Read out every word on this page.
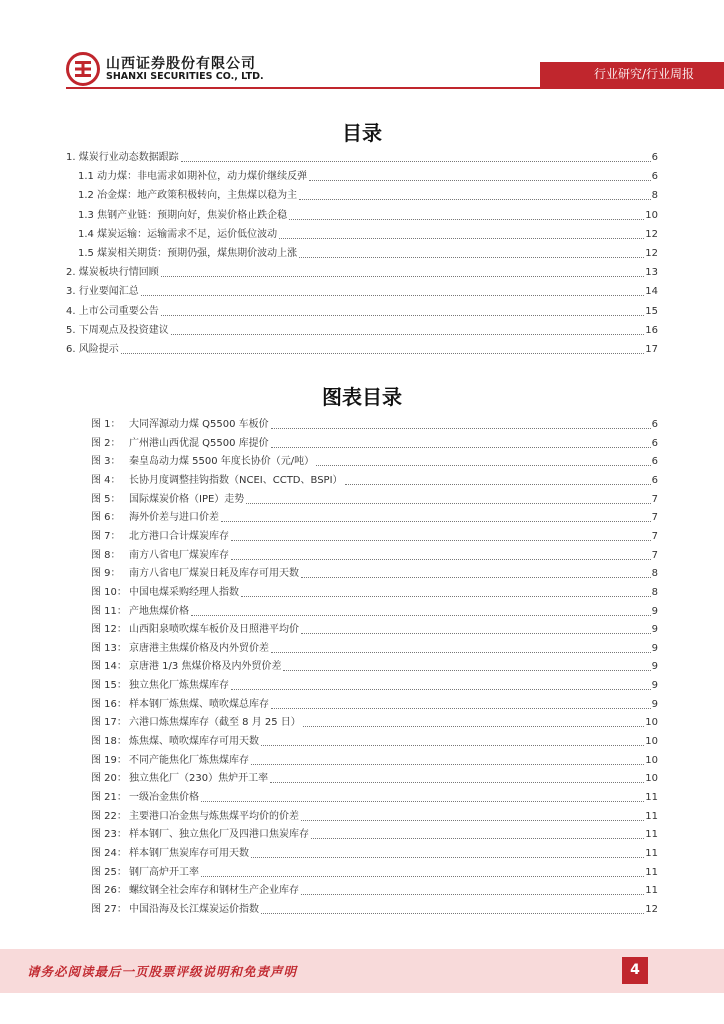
山西证券股份有限公司
SHANXI SECURITIES CO., LTD.	行业研究/行业周报
目录
1. 煤炭行业动态数据跟踪	6
1.1 动力煤：非电需求如期补位，动力煤价继续反弹	6
1.2 冶金煤：地产政策积极转向，主焦煤以稳为主	8
1.3 焦钢产业链：预期向好，焦炭价格止跌企稳	10
1.4 煤炭运输：运输需求不足，运价低位波动	12
1.5 煤炭相关期货：预期仍强，煤焦期价波动上涨	12
2. 煤炭板块行情回顾	13
3. 行业要闻汇总	14
4. 上市公司重要公告	15
5. 下周观点及投资建议	16
6. 风险提示	17
图表目录
图 1： 大同浑源动力煤 Q5500 车板价	6
图 2： 广州港山西优混 Q5500 库提价	6
图 3： 秦皇岛动力煤 5500 年度长协价（元/吨）	6
图 4： 长协月度调整挂钩指数（NCEI、CCTD、BSPI）	6
图 5： 国际煤炭价格（IPE）走势	7
图 6： 海外价差与进口价差	7
图 7： 北方港口合计煤炭库存	7
图 8： 南方八省电厂煤炭库存	7
图 9： 南方八省电厂煤炭日耗及库存可用天数	8
图 10： 中国电煤采购经理人指数	8
图 11： 产地焦煤价格	9
图 12： 山西阳泉喷吹煤车板价及日照港平均价	9
图 13： 京唐港主焦煤价格及内外贸价差	9
图 14： 京唐港 1/3 焦煤价格及内外贸价差	9
图 15： 独立焦化厂炼焦煤库存	9
图 16： 样本钢厂炼焦煤、喷吹煤总库存	9
图 17： 六港口炼焦煤库存（截至 8 月 25 日）	10
图 18： 炼焦煤、喷吹煤库存可用天数	10
图 19： 不同产能焦化厂炼焦煤库存	10
图 20： 独立焦化厂（230）焦炉开工率	10
图 21： 一级冶金焦价格	11
图 22： 主要港口冶金焦与炼焦煤平均价的价差	11
图 23： 样本钢厂、独立焦化厂及四港口焦炭库存	11
图 24： 样本钢厂焦炭库存可用天数	11
图 25： 钢厂高炉开工率	11
图 26： 螺纹钢全社会库存和钢材生产企业库存	11
图 27： 中国沿海及长江煤炭运价指数	12
请务必阅读最后一页股票评级说明和免责声明	4
